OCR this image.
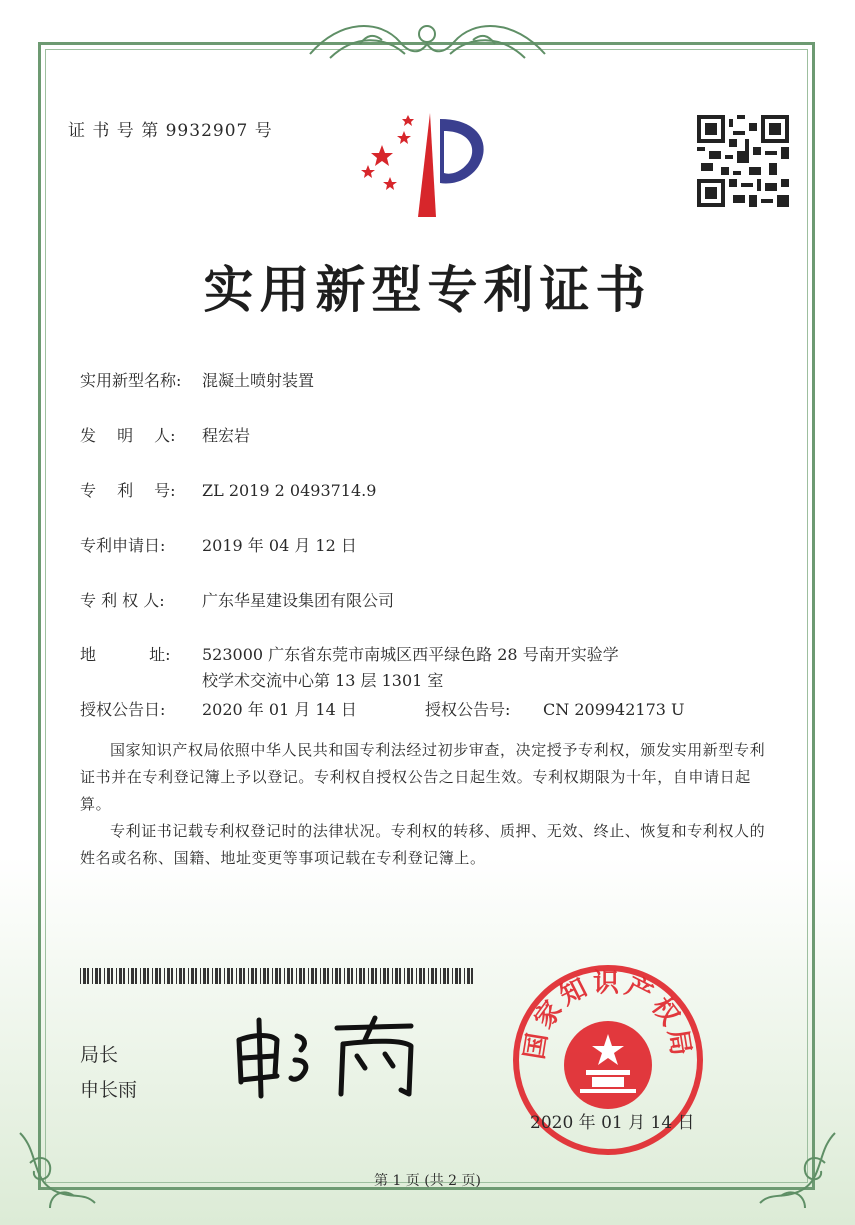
证 书 号 第 9932907 号
实用新型专利证书
实用新型名称: 混凝土喷射装置
发　 明　 人: 程宏岩
专　 利　 号: ZL 2019 2 0493714.9
专利申请日: 2019 年 04 月 12 日
专 利 权 人: 广东华星建设集团有限公司
地　　　 址: 523000 广东省东莞市南城区西平绿色路 28 号南开实验学
校学术交流中心第 13 层 1301 室
授权公告日: 2020 年 01 月 14 日	授权公告号: CN 209942173 U
国家知识产权局依照中华人民共和国专利法经过初步审查，决定授予专利权，颁发实用新型专利证书并在专利登记簿上予以登记。专利权自授权公告之日起生效。专利权期限为十年，自申请日起算。
专利证书记载专利权登记时的法律状况。专利权的转移、质押、无效、终止、恢复和专利权人的姓名或名称、国籍、地址变更等事项记载在专利登记簿上。
局长
申长雨
国家知识产权局
2020 年 01 月 14 日
第 1 页 (共 2 页)
